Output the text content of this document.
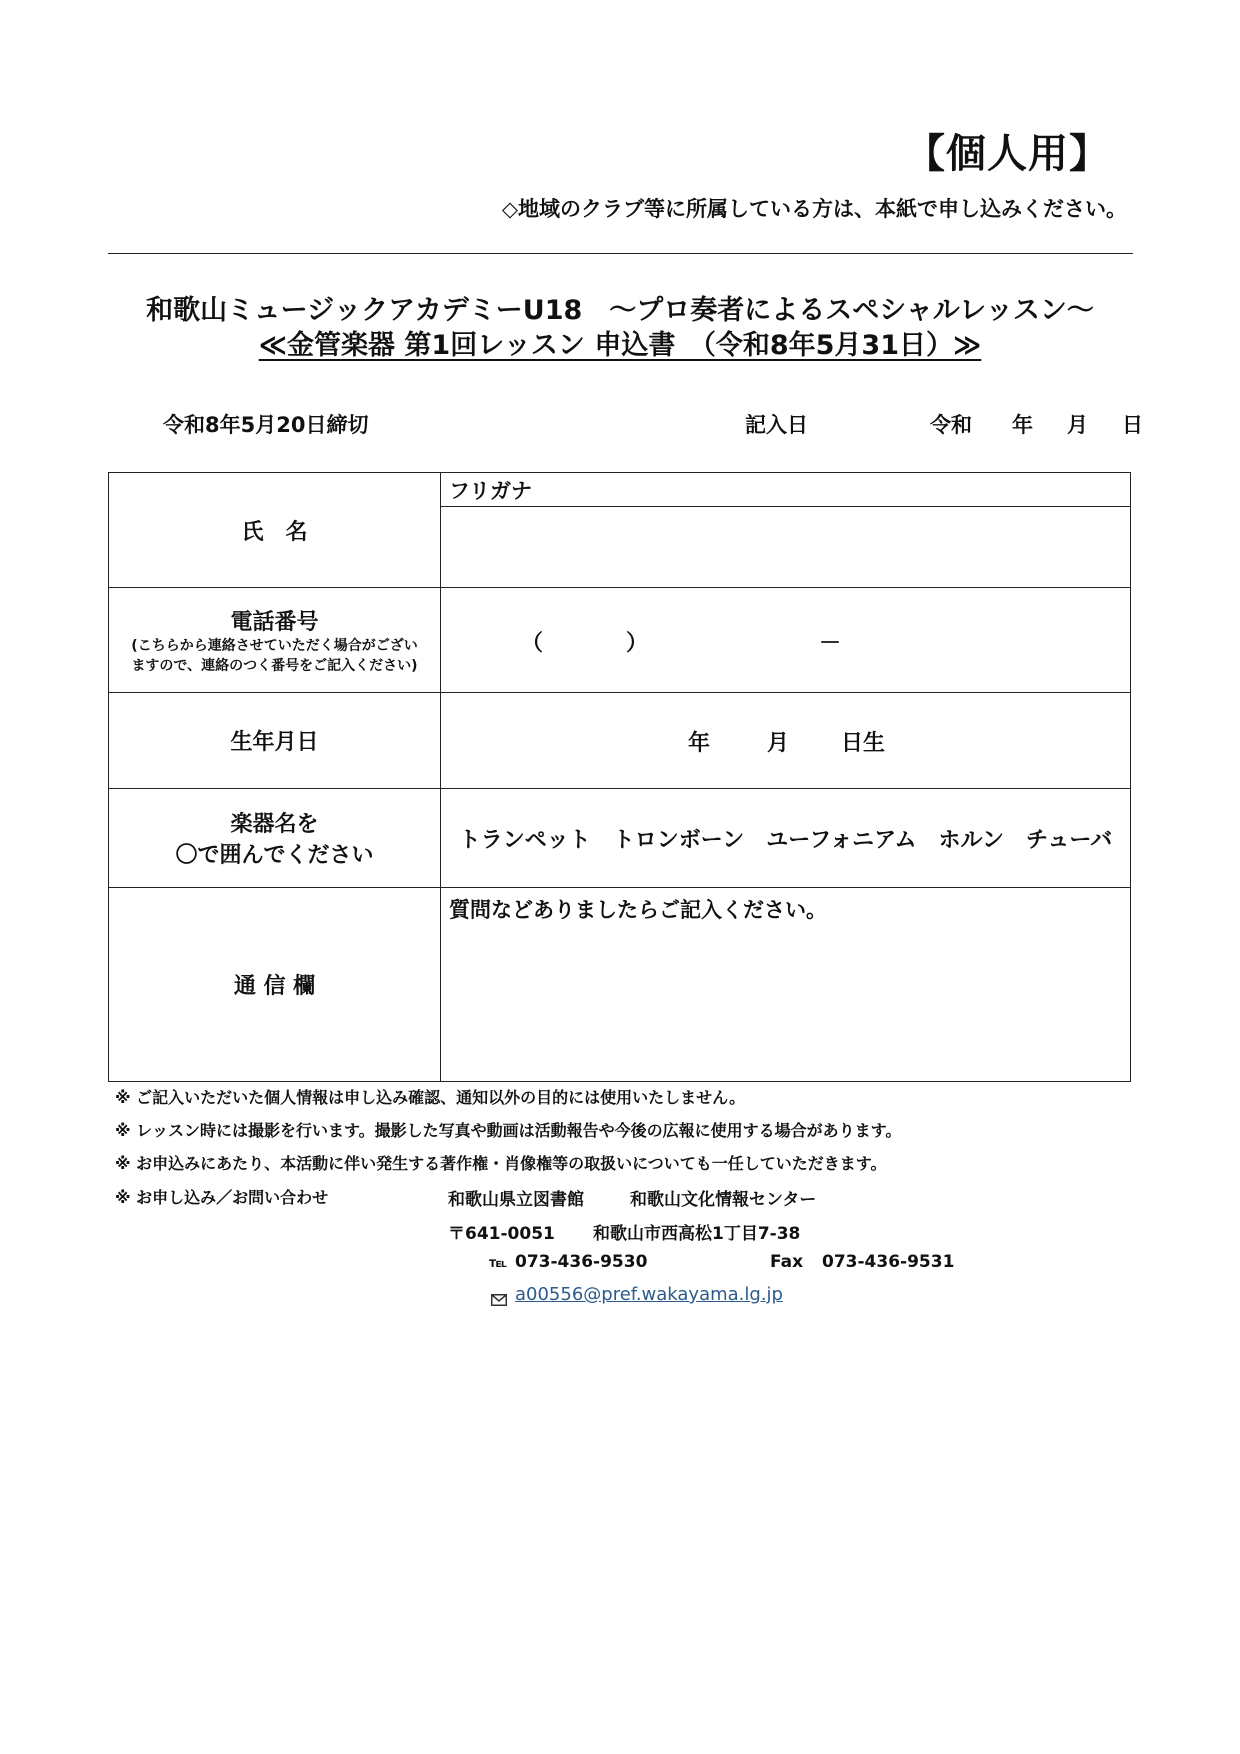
【個人用】
◇地域のクラブ等に所属している方は、本紙で申し込みください。
和歌山ミュージックアカデミーU18　～プロ奏者によるスペシャルレッスン～
≪金管楽器 第1回レッスン 申込書　（令和8年5月31日）≫
令和8年5月20日締切	記入日	令和 年 月 日
氏　名	フリガナ

電話番号
(こちらから連絡させていただく場合がござい
ますので、連絡のつく番号をご記入ください)	（ ） －

生年月日	年 月 日生

楽器名を
〇で囲んでください	トランペット　トロンボーン　ユーフォニアム　ホルン　チューバ
通 信 欄	質問などありましたらご記入ください。
※ ご記入いただいた個人情報は申し込み確認、通知以外の目的には使用いたしません。
※ レッスン時には撮影を行います。撮影した写真や動画は活動報告や今後の広報に使用する場合があります。
※ お申込みにあたり、本活動に伴い発生する著作権・肖像権等の取扱いについても一任していただきます。
※ お申し込み／お問い合わせ	和歌山県立図書館	和歌山文化情報センター
〒641-0051 和歌山市西高松1丁目7-38
℡ 073-436-9530	Fax 073-436-9531
a00556@pref.wakayama.lg.jp
